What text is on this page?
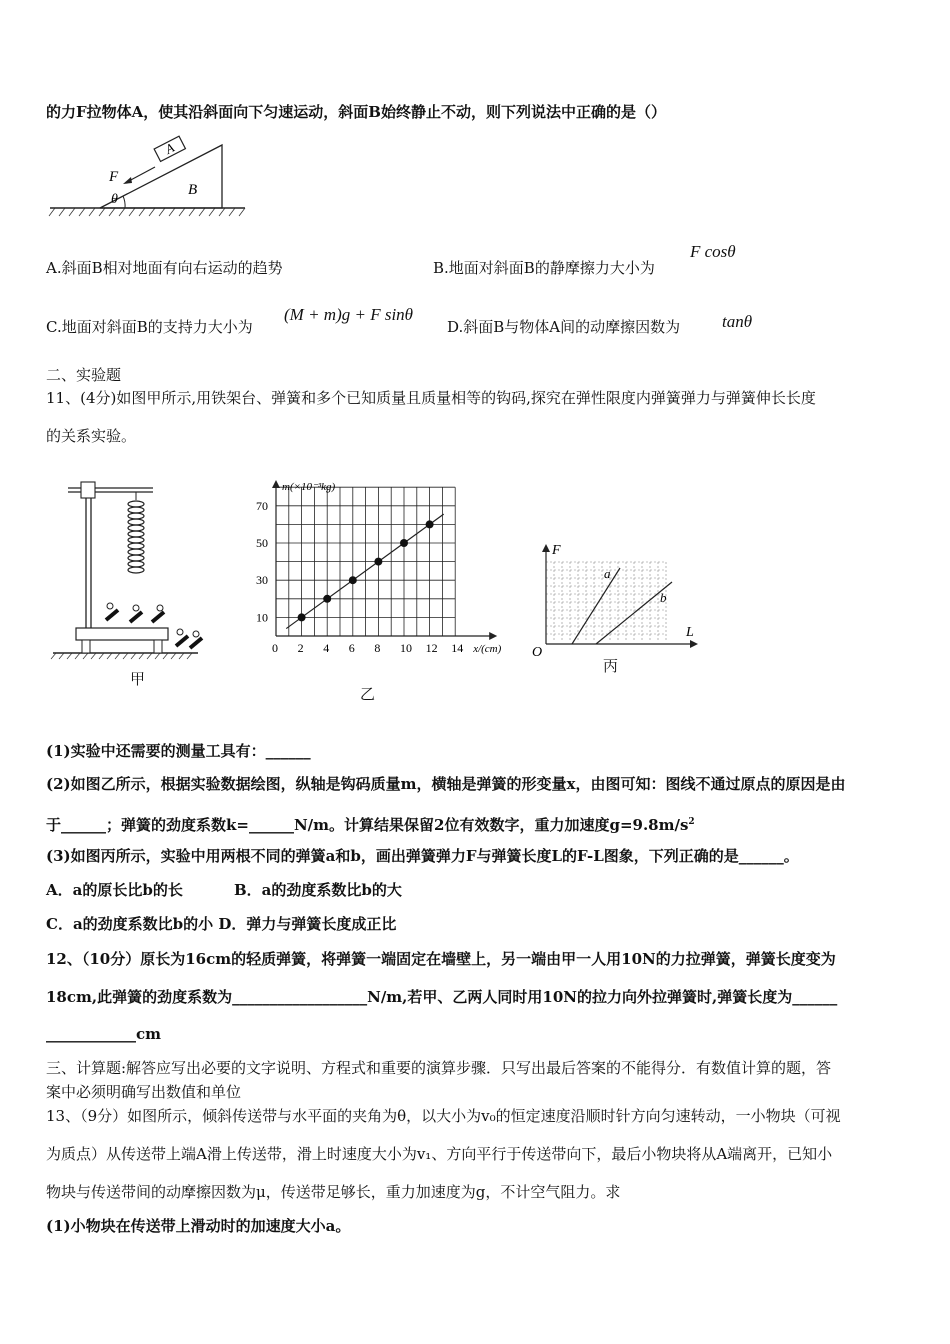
的力F拉物体A，使其沿斜面向下匀速运动，斜面B始终静止不动，则下列说法中正确的是（）
A
F
θ
B
A.斜面B相对地面有向右运动的趋势	B.地面对斜面B的静摩擦力大小为
F cosθ
C.地面对斜面B的支持力大小为
(M + m)g + F sinθ
D.斜面B与物体A间的动摩擦因数为 tanθ
二、实验题
11、(4分)如图甲所示,用铁架台、弹簧和多个已知质量且质量相等的钩码,探究在弹性限度内弹簧弹力与弹簧伸长长度
的关系实验。
甲
0 2 4 6 8 10 12 14
10
30
50
70
m(×10⁻³kg)
x/(cm)
乙
F
L
O
a
b
丙
(1)实验中还需要的测量工具有：______
(2)如图乙所示，根据实验数据绘图，纵轴是钩码质量m，横轴是弹簧的形变量x，由图可知：图线不通过原点的原因是由
于______；弹簧的劲度系数k=______N/m。计算结果保留2位有效数字，重力加速度$g=9.8m/s^2$
(3)如图丙所示，实验中用两根不同的弹簧a和b，画出弹簧弹力F与弹簧长度L的F-L图象，下列正确的是______。
A．a的原长比b的长	B．a的劲度系数比b的大
C．a的劲度系数比b的小 D．弹力与弹簧长度成正比
12、（10分）原长为16cm的轻质弹簧，将弹簧一端固定在墙壁上，另一端由甲一人用10N的力拉弹簧，弹簧长度变为
18cm,此弹簧的劲度系数为__________________N/m,若甲、乙两人同时用10N的拉力向外拉弹簧时,弹簧长度为______
____________cm
三、计算题:解答应写出必要的文字说明、方程式和重要的演算步骤．只写出最后答案的不能得分．有数值计算的题，答
案中必须明确写出数值和单位
13、（9分）如图所示，倾斜传送带与水平面的夹角为θ，以大小为v₀的恒定速度沿顺时针方向匀速转动，一小物块（可视
为质点）从传送带上端A滑上传送带，滑上时速度大小为v₁、方向平行于传送带向下，最后小物块将从A端离开，已知小
物块与传送带间的动摩擦因数为μ，传送带足够长，重力加速度为g，不计空气阻力。求
(1)小物块在传送带上滑动时的加速度大小a。
